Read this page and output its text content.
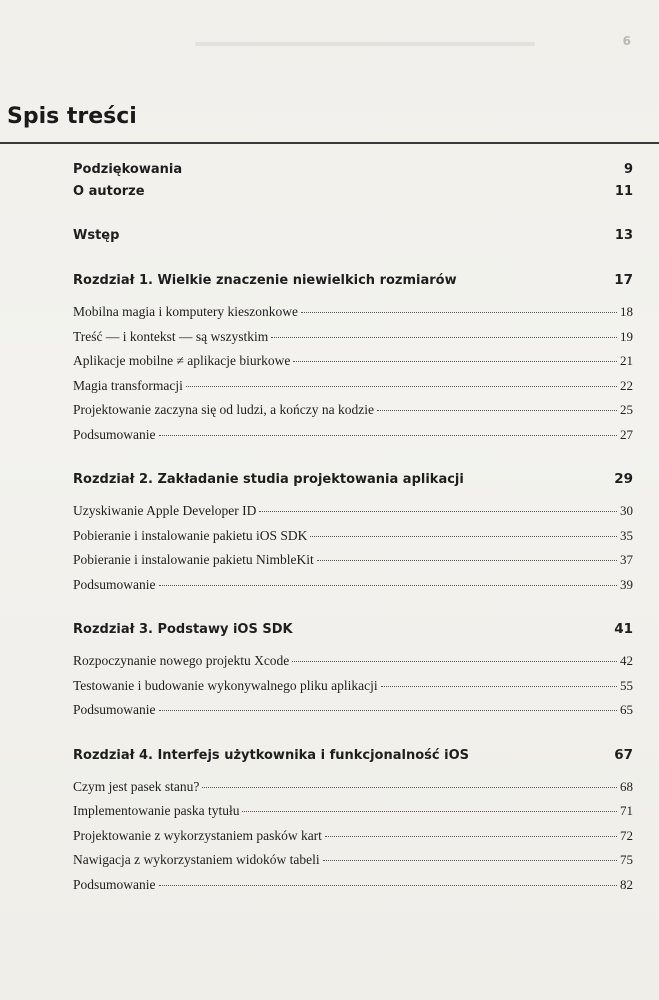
6
Spis treści
Podziękowania	9
O autorze	11
Wstęp	13
Rozdział 1. Wielkie znaczenie niewielkich rozmiarów	17
Mobilna magia i komputery kieszonkowe	18
Treść — i kontekst — są wszystkim	19
Aplikacje mobilne ≠ aplikacje biurkowe	21
Magia transformacji	22
Projektowanie zaczyna się od ludzi, a kończy na kodzie	25
Podsumowanie	27
Rozdział 2. Zakładanie studia projektowania aplikacji	29
Uzyskiwanie Apple Developer ID	30
Pobieranie i instalowanie pakietu iOS SDK	35
Pobieranie i instalowanie pakietu NimbleKit	37
Podsumowanie	39
Rozdział 3. Podstawy iOS SDK	41
Rozpoczynanie nowego projektu Xcode	42
Testowanie i budowanie wykonywalnego pliku aplikacji	55
Podsumowanie	65
Rozdział 4. Interfejs użytkownika i funkcjonalność iOS	67
Czym jest pasek stanu?	68
Implementowanie paska tytułu	71
Projektowanie z wykorzystaniem pasków kart	72
Nawigacja z wykorzystaniem widoków tabeli	75
Podsumowanie	82
